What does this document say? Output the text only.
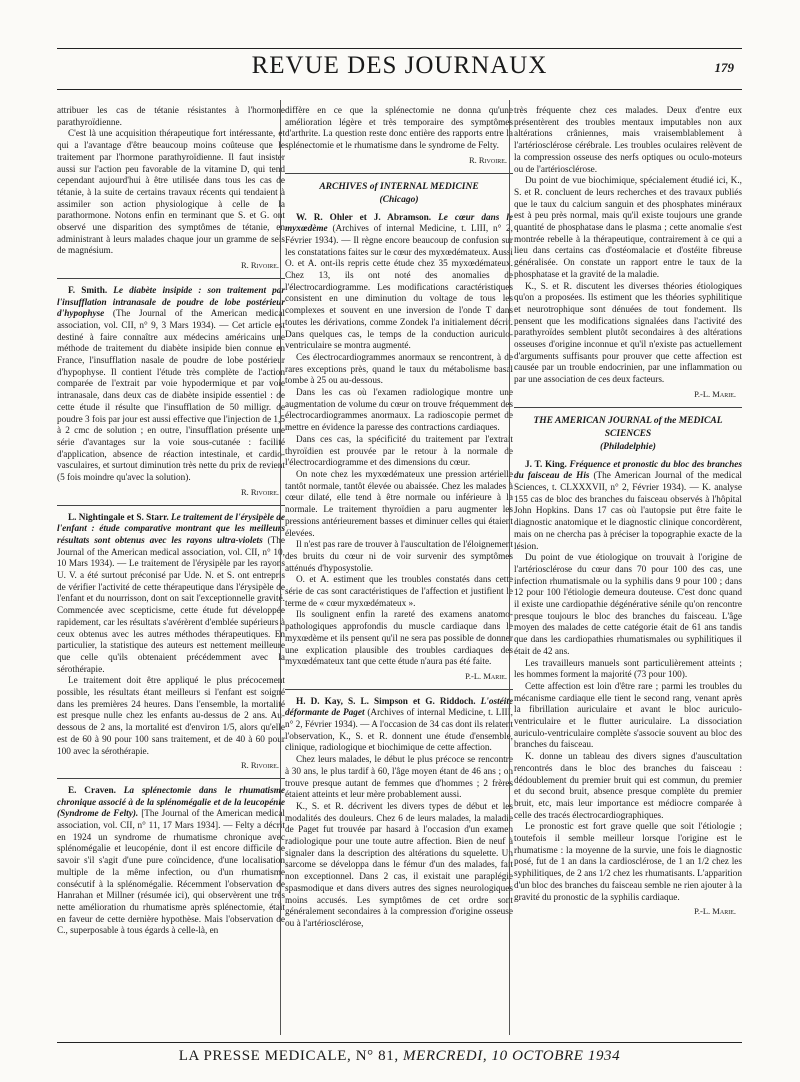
REVUE DES JOURNAUX	179

attribuer les cas de tétanie résistantes à l'hormone parathyroïdienne.

C'est là une acquisition thérapeutique fort intéressante, et qui a l'avantage d'être beaucoup moins coûteuse que le traitement par l'hormone parathyroïdienne. Il faut insister aussi sur l'action peu favorable de la vitamine D, qui tend cependant aujourd'hui à être utilisée dans tous les cas de tétanie, à la suite de certains travaux récents qui tendaient à assimiler son action physiologique à celle de la parathormone. Notons enfin en terminant que S. et G. ont observé une disparition des symptômes de tétanie, en administrant à leurs malades chaque jour un gramme de sels de magnésium.

R. Rivoire.

F. Smith. Le diabète insipide : son traitement par l'insufflation intranasale de poudre de lobe postérieur d'hypophyse (The Journal of the American medical association, vol. CII, n° 9, 3 Mars 1934). — Cet article est destiné à faire connaître aux médecins américains une méthode de traitement du diabète insipide bien connue en France, l'insufflation nasale de poudre de lobe postérieur d'hypophyse. Il contient l'étude très complète de l'action comparée de l'extrait par voie hypodermique et par voie intranasale, dans deux cas de diabète insipide essentiel : de cette étude il résulte que l'insufflation de 50 milligr. de poudre 3 fois par jour est aussi effective que l'injection de 1,5 à 2 cmc de solution ; en outre, l'insufflation présente une série d'avantages sur la voie sous-cutanée : facilité d'application, absence de réaction intestinale, et cardio-vasculaires, et surtout diminution très nette du prix de revient (5 fois moindre qu'avec la solution).

R. Rivoire.

L. Nightingale et S. Starr. Le traitement de l'érysipèle de l'enfant : étude comparative montrant que les meilleurs résultats sont obtenus avec les rayons ultra-violets (The Journal of the American medical association, vol. CII, n° 10, 10 Mars 1934). — Le traitement de l'érysipèle par les rayons U. V. a été surtout préconisé par Ude. N. et S. ont entrepris de vérifier l'activité de cette thérapeutique dans l'érysipèle de l'enfant et du nourrisson, dont on sait l'exceptionnelle gravité. Commencée avec scepticisme, cette étude fut développée rapidement, car les résultats s'avérèrent d'emblée supérieurs à ceux obtenus avec les autres méthodes thérapeutiques. En particulier, la statistique des auteurs est nettement meilleure que celle qu'ils obtenaient précédemment avec la sérothérapie.

Le traitement doit être appliqué le plus précocement possible, les résultats étant meilleurs si l'enfant est soigné dans les premières 24 heures. Dans l'ensemble, la mortalité est presque nulle chez les enfants au-dessus de 2 ans. Au-dessous de 2 ans, la mortalité est d'environ 1/5, alors qu'elle est de 60 à 90 pour 100 sans traitement, et de 40 à 60 pour 100 avec la sérothérapie.

R. Rivoire.

E. Craven. La splénectomie dans le rhumatisme chronique associé à de la splénomégalie et de la leucopénie (Syndrome de Felty). [The Journal of the American medical association, vol. CII, n° 11, 17 Mars 1934]. — Felty a décrit en 1924 un syndrome de rhumatisme chronique avec splénomégalie et leucopénie, dont il est encore difficile de savoir s'il s'agit d'une pure coïncidence, d'une localisation multiple de la même infection, ou d'un rhumatisme consécutif à la splénomégalie. Récemment l'observation de Hanrahan et Millner (résumée ici), qui observèrent une très nette amélioration du rhumatisme après splénectomie, était en faveur de cette dernière hypothèse. Mais l'observation de C., superposable à tous égards à celle-là, en

diffère en ce que la splénectomie ne donna qu'une amélioration légère et très temporaire des symptômes d'arthrite. La question reste donc entière des rapports entre la splénectomie et le rhumatisme dans le syndrome de Felty.

R. Rivoire.
ARCHIVES of INTERNAL MEDICINE
(Chicago)

W. R. Ohler et J. Abramson. Le cœur dans le myxœdème (Archives of internal Medicine, t. LIII, n° 2, Février 1934). — Il règne encore beaucoup de confusion sur les constatations faites sur le cœur des myxœdémateux. Aussi O. et A. ont-ils repris cette étude chez 35 myxœdémateux. Chez 13, ils ont noté des anomalies de l'électrocardiogramme. Les modifications caractéristiques consistent en une diminution du voltage de tous les complexes et souvent en une inversion de l'onde T dans toutes les dérivations, comme Zondek l'a initialement décrit. Dans quelques cas, le temps de la conduction auriculo-ventriculaire se montra augmenté.

Ces électrocardiogrammes anormaux se rencontrent, à de rares exceptions près, quand le taux du métabolisme basal tombe à 25 ou au-dessous.

Dans les cas où l'examen radiologique montre une augmentation de volume du cœur on trouve fréquemment des électrocardiogrammes anormaux. La radioscopie permet de mettre en évidence la paresse des contractions cardiaques.

Dans ces cas, la spécificité du traitement par l'extrait thyroïdien est prouvée par le retour à la normale de l'électrocardiogramme et des dimensions du cœur.

On note chez les myxœdémateux une pression artérielle tantôt normale, tantôt élevée ou abaissée. Chez les malades à cœur dilaté, elle tend à être normale ou inférieure à la normale. Le traitement thyroïdien a paru augmenter les pressions antérieurement basses et diminuer celles qui étaient élevées.

Il n'est pas rare de trouver à l'auscultation de l'éloignement des bruits du cœur ni de voir survenir des symptômes atténués d'hyposystolie.

O. et A. estiment que les troubles constatés dans cette série de cas sont caractéristiques de l'affection et justifient le terme de « cœur myxœdémateux ».

Ils soulignent enfin la rareté des examens anatomo-pathologiques approfondis du muscle cardiaque dans le myxœdème et ils pensent qu'il ne sera pas possible de donner une explication plausible des troubles cardiaques des myxœdémateux tant que cette étude n'aura pas été faite.

P.-L. Marie.

H. D. Kay, S. L. Simpson et G. Riddoch. L'ostéite déformante de Paget (Archives of internal Medicine, t. LIII, n° 2, Février 1934). — A l'occasion de 34 cas dont ils relatent l'observation, K., S. et R. donnent une étude d'ensemble, clinique, radiologique et biochimique de cette affection.

Chez leurs malades, le début le plus précoce se rencontre à 30 ans, le plus tardif à 60, l'âge moyen étant de 46 ans ; on trouve presque autant de femmes que d'hommes ; 2 frères étaient atteints et leur mère probablement aussi.

K., S. et R. décrivent les divers types de début et les modalités des douleurs. Chez 6 de leurs malades, la maladie de Paget fut trouvée par hasard à l'occasion d'un examen radiologique pour une toute autre affection. Bien de neuf à signaler dans la description des altérations du squelette. Un sarcome se développa dans le fémur d'un des malades, fait non exceptionnel. Dans 2 cas, il existait une paraplégie spasmodique et dans divers autres des signes neurologiques moins accusés. Les symptômes de cet ordre sont généralement secondaires à la compression d'origine osseuse ou à l'artériosclérose,

très fréquente chez ces malades. Deux d'entre eux présentèrent des troubles mentaux imputables non aux altérations crâniennes, mais vraisemblablement à l'artériosclérose cérébrale. Les troubles oculaires relèvent de la compression osseuse des nerfs optiques ou oculo-moteurs ou de l'artériosclérose.

Du point de vue biochimique, spécialement étudié ici, K., S. et R. concluent de leurs recherches et des travaux publiés que le taux du calcium sanguin et des phosphates minéraux est à peu près normal, mais qu'il existe toujours une grande quantité de phosphatase dans le plasma ; cette anomalie s'est montrée rebelle à la thérapeutique, contrairement à ce qui a lieu dans certains cas d'ostéomalacie et d'ostéite fibreuse généralisée. On constate un rapport entre le taux de la phosphatase et la gravité de la maladie.

K., S. et R. discutent les diverses théories étiologiques qu'on a proposées. Ils estiment que les théories syphilitique et neurotrophique sont dénuées de tout fondement. Ils pensent que les modifications signalées dans l'activité des parathyroïdes semblent plutôt secondaires à des altérations osseuses d'origine inconnue et qu'il n'existe pas actuellement d'arguments suffisants pour prouver que cette affection est causée par un trouble endocrinien, par une inflammation ou par une association de ces deux facteurs.

P.-L. Marie.
THE AMERICAN JOURNAL of the MEDICAL SCIENCES
(Philadelphie)

J. T. King. Fréquence et pronostic du bloc des branches du faisceau de His (The American Journal of the medical Sciences, t. CLXXXVII, n° 2, Février 1934). — K. analyse 155 cas de bloc des branches du faisceau observés à l'hôpital John Hopkins. Dans 17 cas où l'autopsie put être faite le diagnostic anatomique et le diagnostic clinique concordèrent, mais on ne chercha pas à préciser la topographie exacte de la lésion.

Du point de vue étiologique on trouvait à l'origine de l'artériosclérose du cœur dans 70 pour 100 des cas, une infection rhumatismale ou la syphilis dans 9 pour 100 ; dans 12 pour 100 l'étiologie demeura douteuse. C'est donc quand il existe une cardiopathie dégénérative sénile qu'on rencontre presque toujours le bloc des branches du faisceau. L'âge moyen des malades de cette catégorie était de 61 ans tandis que dans les cardiopathies rhumatismales ou syphilitiques il était de 42 ans.

Les travailleurs manuels sont particulièrement atteints ; les hommes forment la majorité (73 pour 100).

Cette affection est loin d'être rare ; parmi les troubles du mécanisme cardiaque elle tient le second rang, venant après la fibrillation auriculaire et avant le bloc auriculo-ventriculaire et le flutter auriculaire. La dissociation auriculo-ventriculaire complète s'associe souvent au bloc des branches du faisceau.

K. donne un tableau des divers signes d'auscultation rencontrés dans le bloc des branches du faisceau : dédoublement du premier bruit qui est commun, du premier et du second bruit, absence presque complète du premier bruit, etc, mais leur importance est médiocre comparée à celle des tracés électrocardiographiques.

Le pronostic est fort grave quelle que soit l'étiologie ; toutefois il semble meilleur lorsque l'origine est le rhumatisme : la moyenne de la survie, une fois le diagnostic posé, fut de 1 an dans la cardiosclérose, de 1 an 1/2 chez les syphilitiques, de 2 ans 1/2 chez les rhumatisants. L'apparition d'un bloc des branches du faisceau semble ne rien ajouter à la gravité du pronostic de la syphilis cardiaque.

P.-L. Marie.
LA PRESSE MEDICALE, N° 81, MERCREDI, 10 OCTOBRE 1934
